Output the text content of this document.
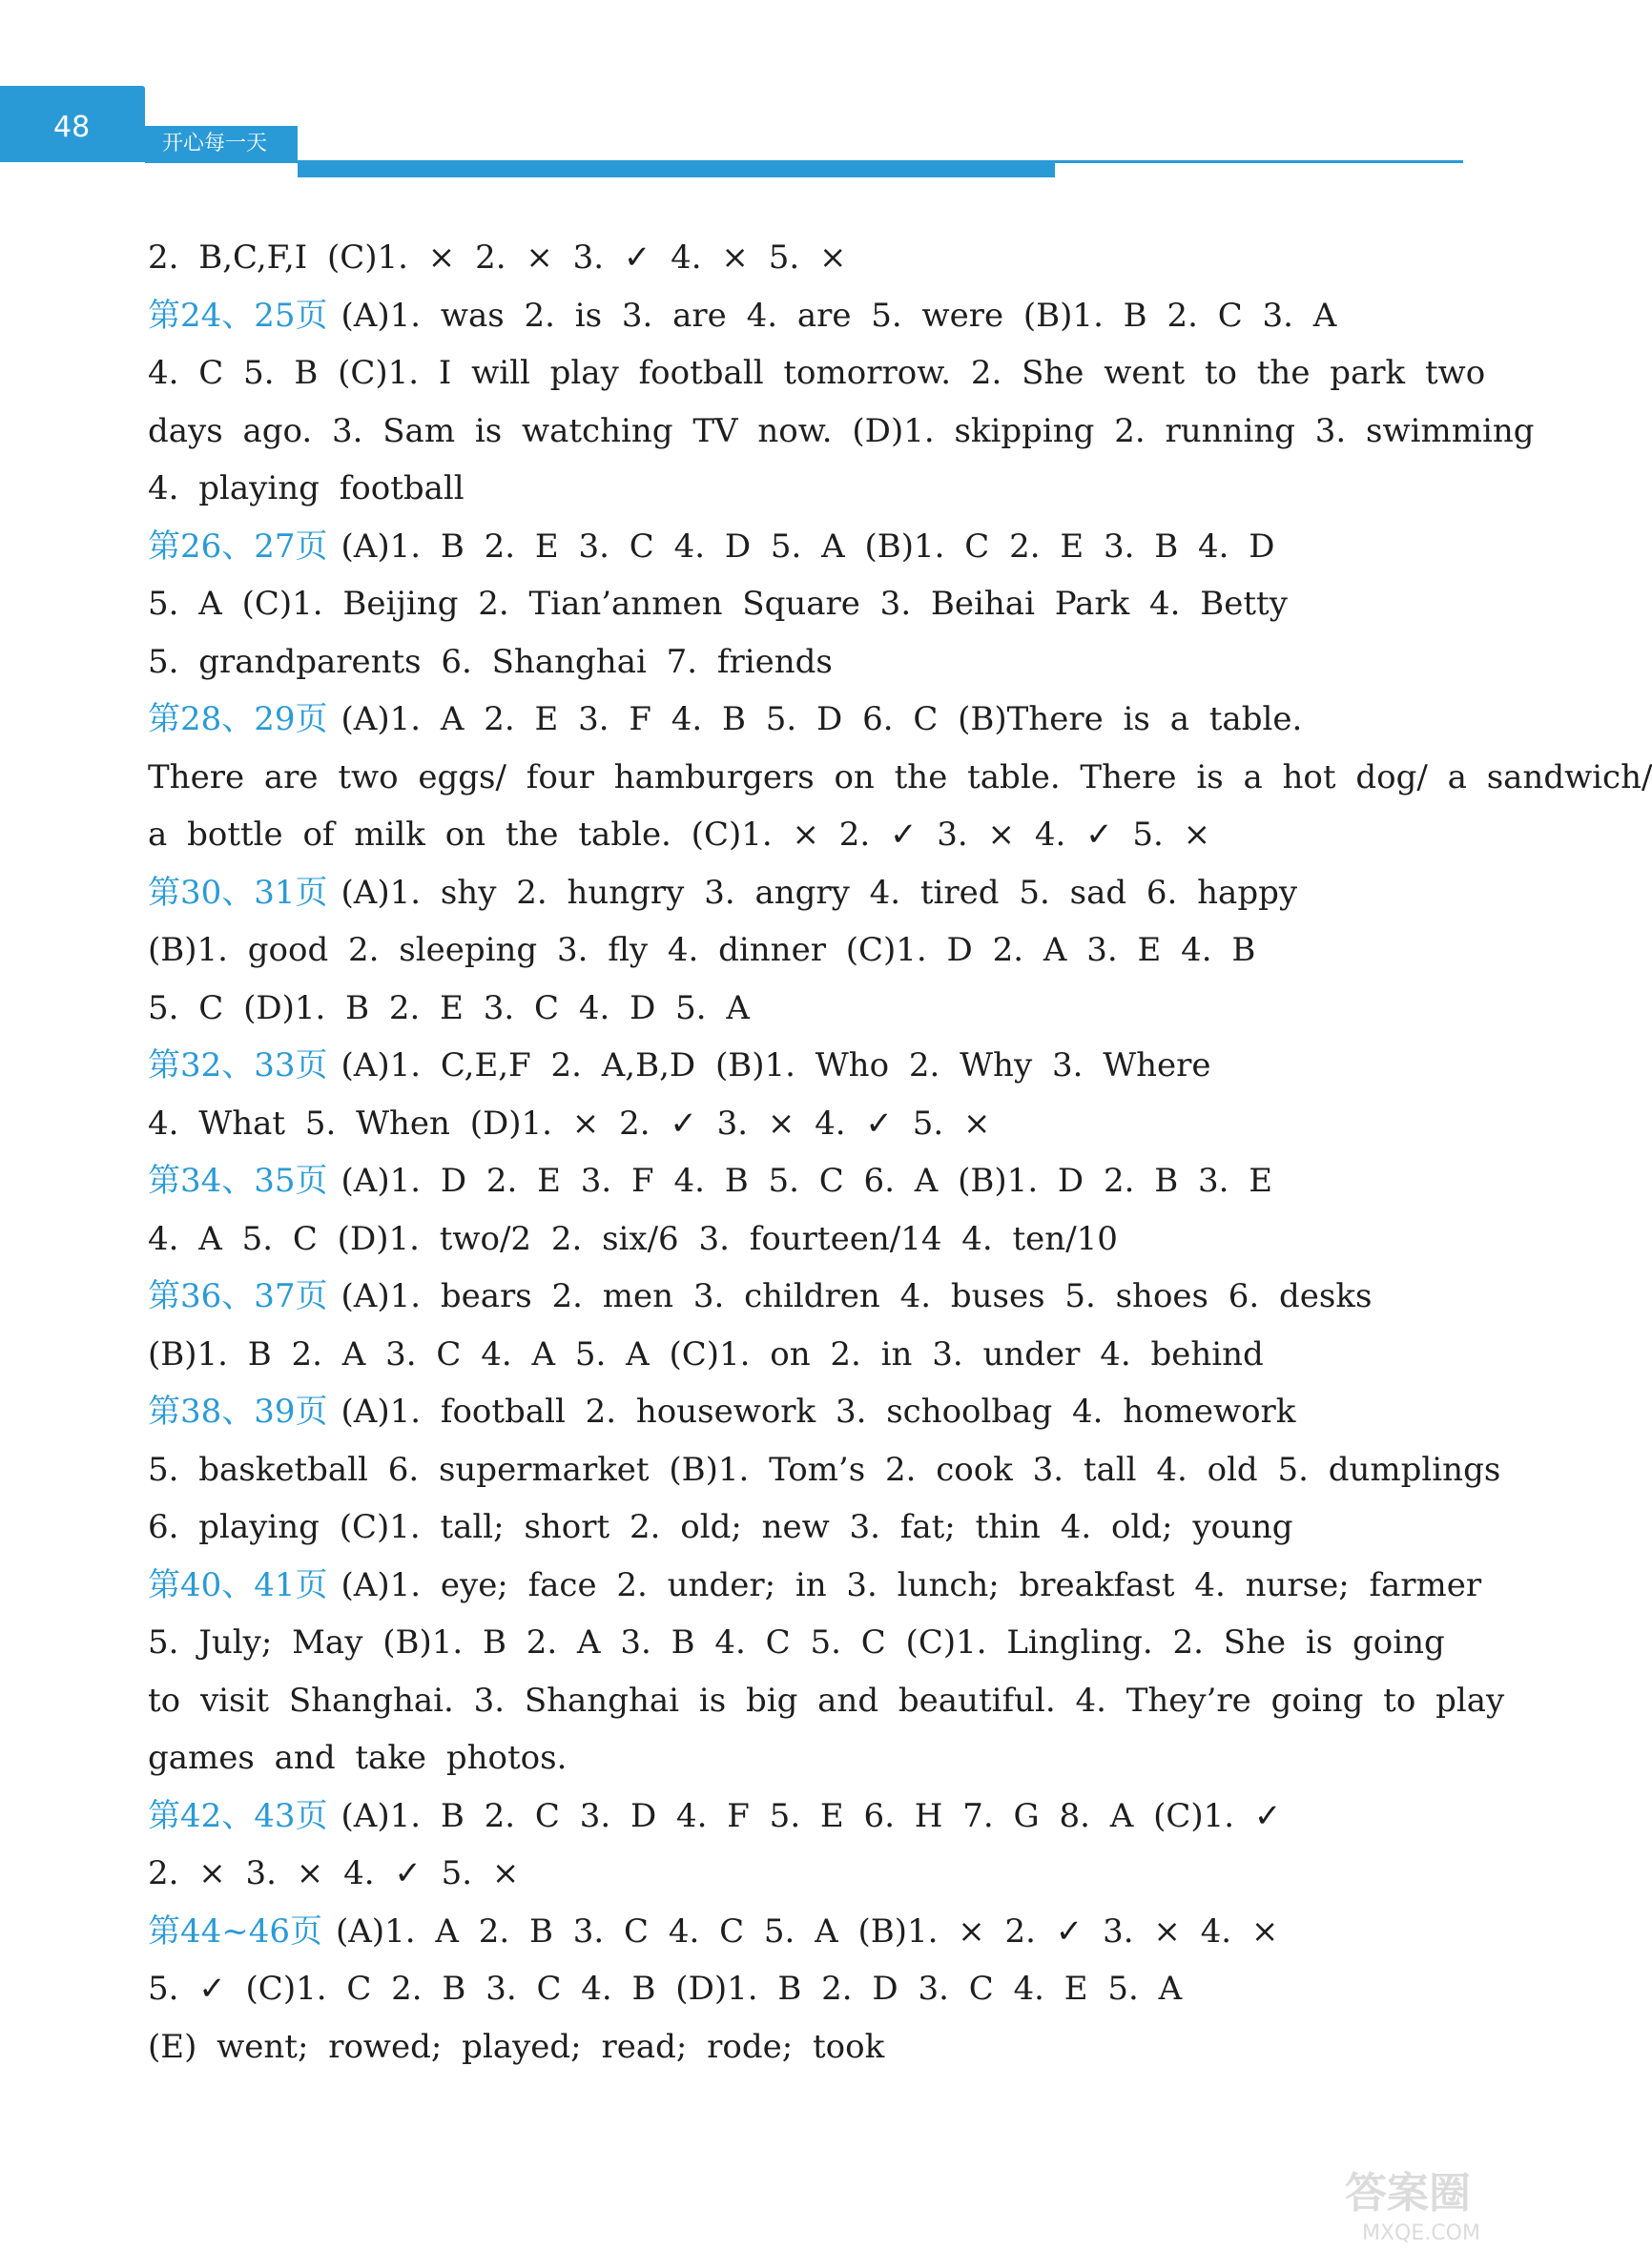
48	开心每一天
2. B,C,F,I (C)1. × 2. × 3. ✓ 4. × 5. ×
第24、25页 (A)1. was 2. is 3. are 4. are 5. were (B)1. B 2. C 3. A
4. C 5. B (C)1. I will play football tomorrow. 2. She went to the park two
days ago. 3. Sam is watching TV now. (D)1. skipping 2. running 3. swimming
4. playing football
第26、27页 (A)1. B 2. E 3. C 4. D 5. A (B)1. C 2. E 3. B 4. D
5. A (C)1. Beijing 2. Tian’anmen Square 3. Beihai Park 4. Betty
5. grandparents 6. Shanghai 7. friends
第28、29页 (A)1. A 2. E 3. F 4. B 5. D 6. C (B)There is a table.
There are two eggs/ four hamburgers on the table. There is a hot dog/ a sandwich/
a bottle of milk on the table. (C)1. × 2. ✓ 3. × 4. ✓ 5. ×
第30、31页 (A)1. shy 2. hungry 3. angry 4. tired 5. sad 6. happy
(B)1. good 2. sleeping 3. fly 4. dinner (C)1. D 2. A 3. E 4. B
5. C (D)1. B 2. E 3. C 4. D 5. A
第32、33页 (A)1. C,E,F 2. A,B,D (B)1. Who 2. Why 3. Where
4. What 5. When (D)1. × 2. ✓ 3. × 4. ✓ 5. ×
第34、35页 (A)1. D 2. E 3. F 4. B 5. C 6. A (B)1. D 2. B 3. E
4. A 5. C (D)1. two/2 2. six/6 3. fourteen/14 4. ten/10
第36、37页 (A)1. bears 2. men 3. children 4. buses 5. shoes 6. desks
(B)1. B 2. A 3. C 4. A 5. A (C)1. on 2. in 3. under 4. behind
第38、39页 (A)1. football 2. housework 3. schoolbag 4. homework
5. basketball 6. supermarket (B)1. Tom’s 2. cook 3. tall 4. old 5. dumplings
6. playing (C)1. tall; short 2. old; new 3. fat; thin 4. old; young
第40、41页 (A)1. eye; face 2. under; in 3. lunch; breakfast 4. nurse; farmer
5. July; May (B)1. B 2. A 3. B 4. C 5. C (C)1. Lingling. 2. She is going
to visit Shanghai. 3. Shanghai is big and beautiful. 4. They’re going to play
games and take photos.
第42、43页 (A)1. B 2. C 3. D 4. F 5. E 6. H 7. G 8. A (C)1. ✓
2. × 3. × 4. ✓ 5. ×
第44~46页 (A)1. A 2. B 3. C 4. C 5. A (B)1. × 2. ✓ 3. × 4. ×
5. ✓ (C)1. C 2. B 3. C 4. B (D)1. B 2. D 3. C 4. E 5. A
(E) went; rowed; played; read; rode; took
答案圈
MXQE.COM
